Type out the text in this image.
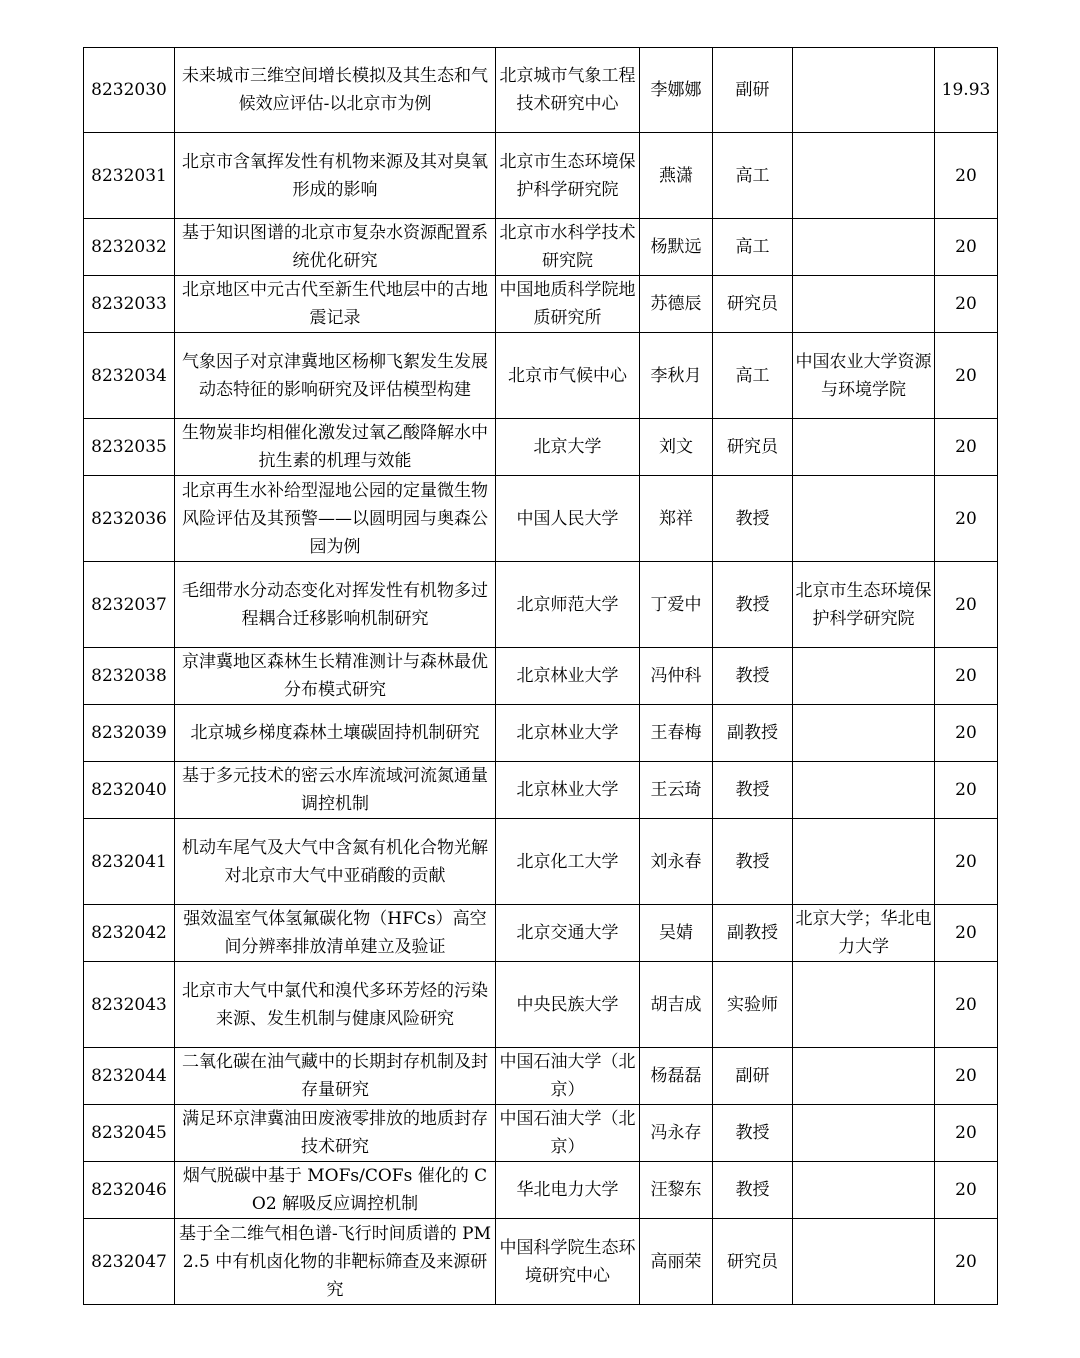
8232030	未来城市三维空间增长模拟及其生态和气候效应评估-以北京市为例	北京城市气象工程技术研究中心	李娜娜	副研		19.93
8232031	北京市含氧挥发性有机物来源及其对臭氧形成的影响	北京市生态环境保护科学研究院	燕潇	高工		20
8232032	基于知识图谱的北京市复杂水资源配置系统优化研究	北京市水科学技术研究院	杨默远	高工		20
8232033	北京地区中元古代至新生代地层中的古地震记录	中国地质科学院地质研究所	苏德辰	研究员		20
8232034	气象因子对京津冀地区杨柳飞絮发生发展动态特征的影响研究及评估模型构建	北京市气候中心	李秋月	高工	中国农业大学资源与环境学院	20
8232035	生物炭非均相催化激发过氧乙酸降解水中抗生素的机理与效能	北京大学	刘文	研究员		20
8232036	北京再生水补给型湿地公园的定量微生物风险评估及其预警——以圆明园与奥森公园为例	中国人民大学	郑祥	教授		20
8232037	毛细带水分动态变化对挥发性有机物多过程耦合迁移影响机制研究	北京师范大学	丁爱中	教授	北京市生态环境保护科学研究院	20
8232038	京津冀地区森林生长精准测计与森林最优分布模式研究	北京林业大学	冯仲科	教授		20
8232039	北京城乡梯度森林土壤碳固持机制研究	北京林业大学	王春梅	副教授		20
8232040	基于多元技术的密云水库流域河流氮通量调控机制	北京林业大学	王云琦	教授		20
8232041	机动车尾气及大气中含氮有机化合物光解对北京市大气中亚硝酸的贡献	北京化工大学	刘永春	教授		20
8232042	强效温室气体氢氟碳化物（HFCs）高空间分辨率排放清单建立及验证	北京交通大学	吴婧	副教授	北京大学；华北电力大学	20
8232043	北京市大气中氯代和溴代多环芳烃的污染来源、发生机制与健康风险研究	中央民族大学	胡吉成	实验师		20
8232044	二氧化碳在油气藏中的长期封存机制及封存量研究	中国石油大学（北京）	杨磊磊	副研		20
8232045	满足环京津冀油田废液零排放的地质封存技术研究	中国石油大学（北京）	冯永存	教授		20
8232046	烟气脱碳中基于 MOFs/COFs 催化的 CO2 解吸反应调控机制	华北电力大学	汪黎东	教授		20
8232047	基于全二维气相色谱-飞行时间质谱的 PM2.5 中有机卤化物的非靶标筛查及来源研究	中国科学院生态环境研究中心	高丽荣	研究员		20
